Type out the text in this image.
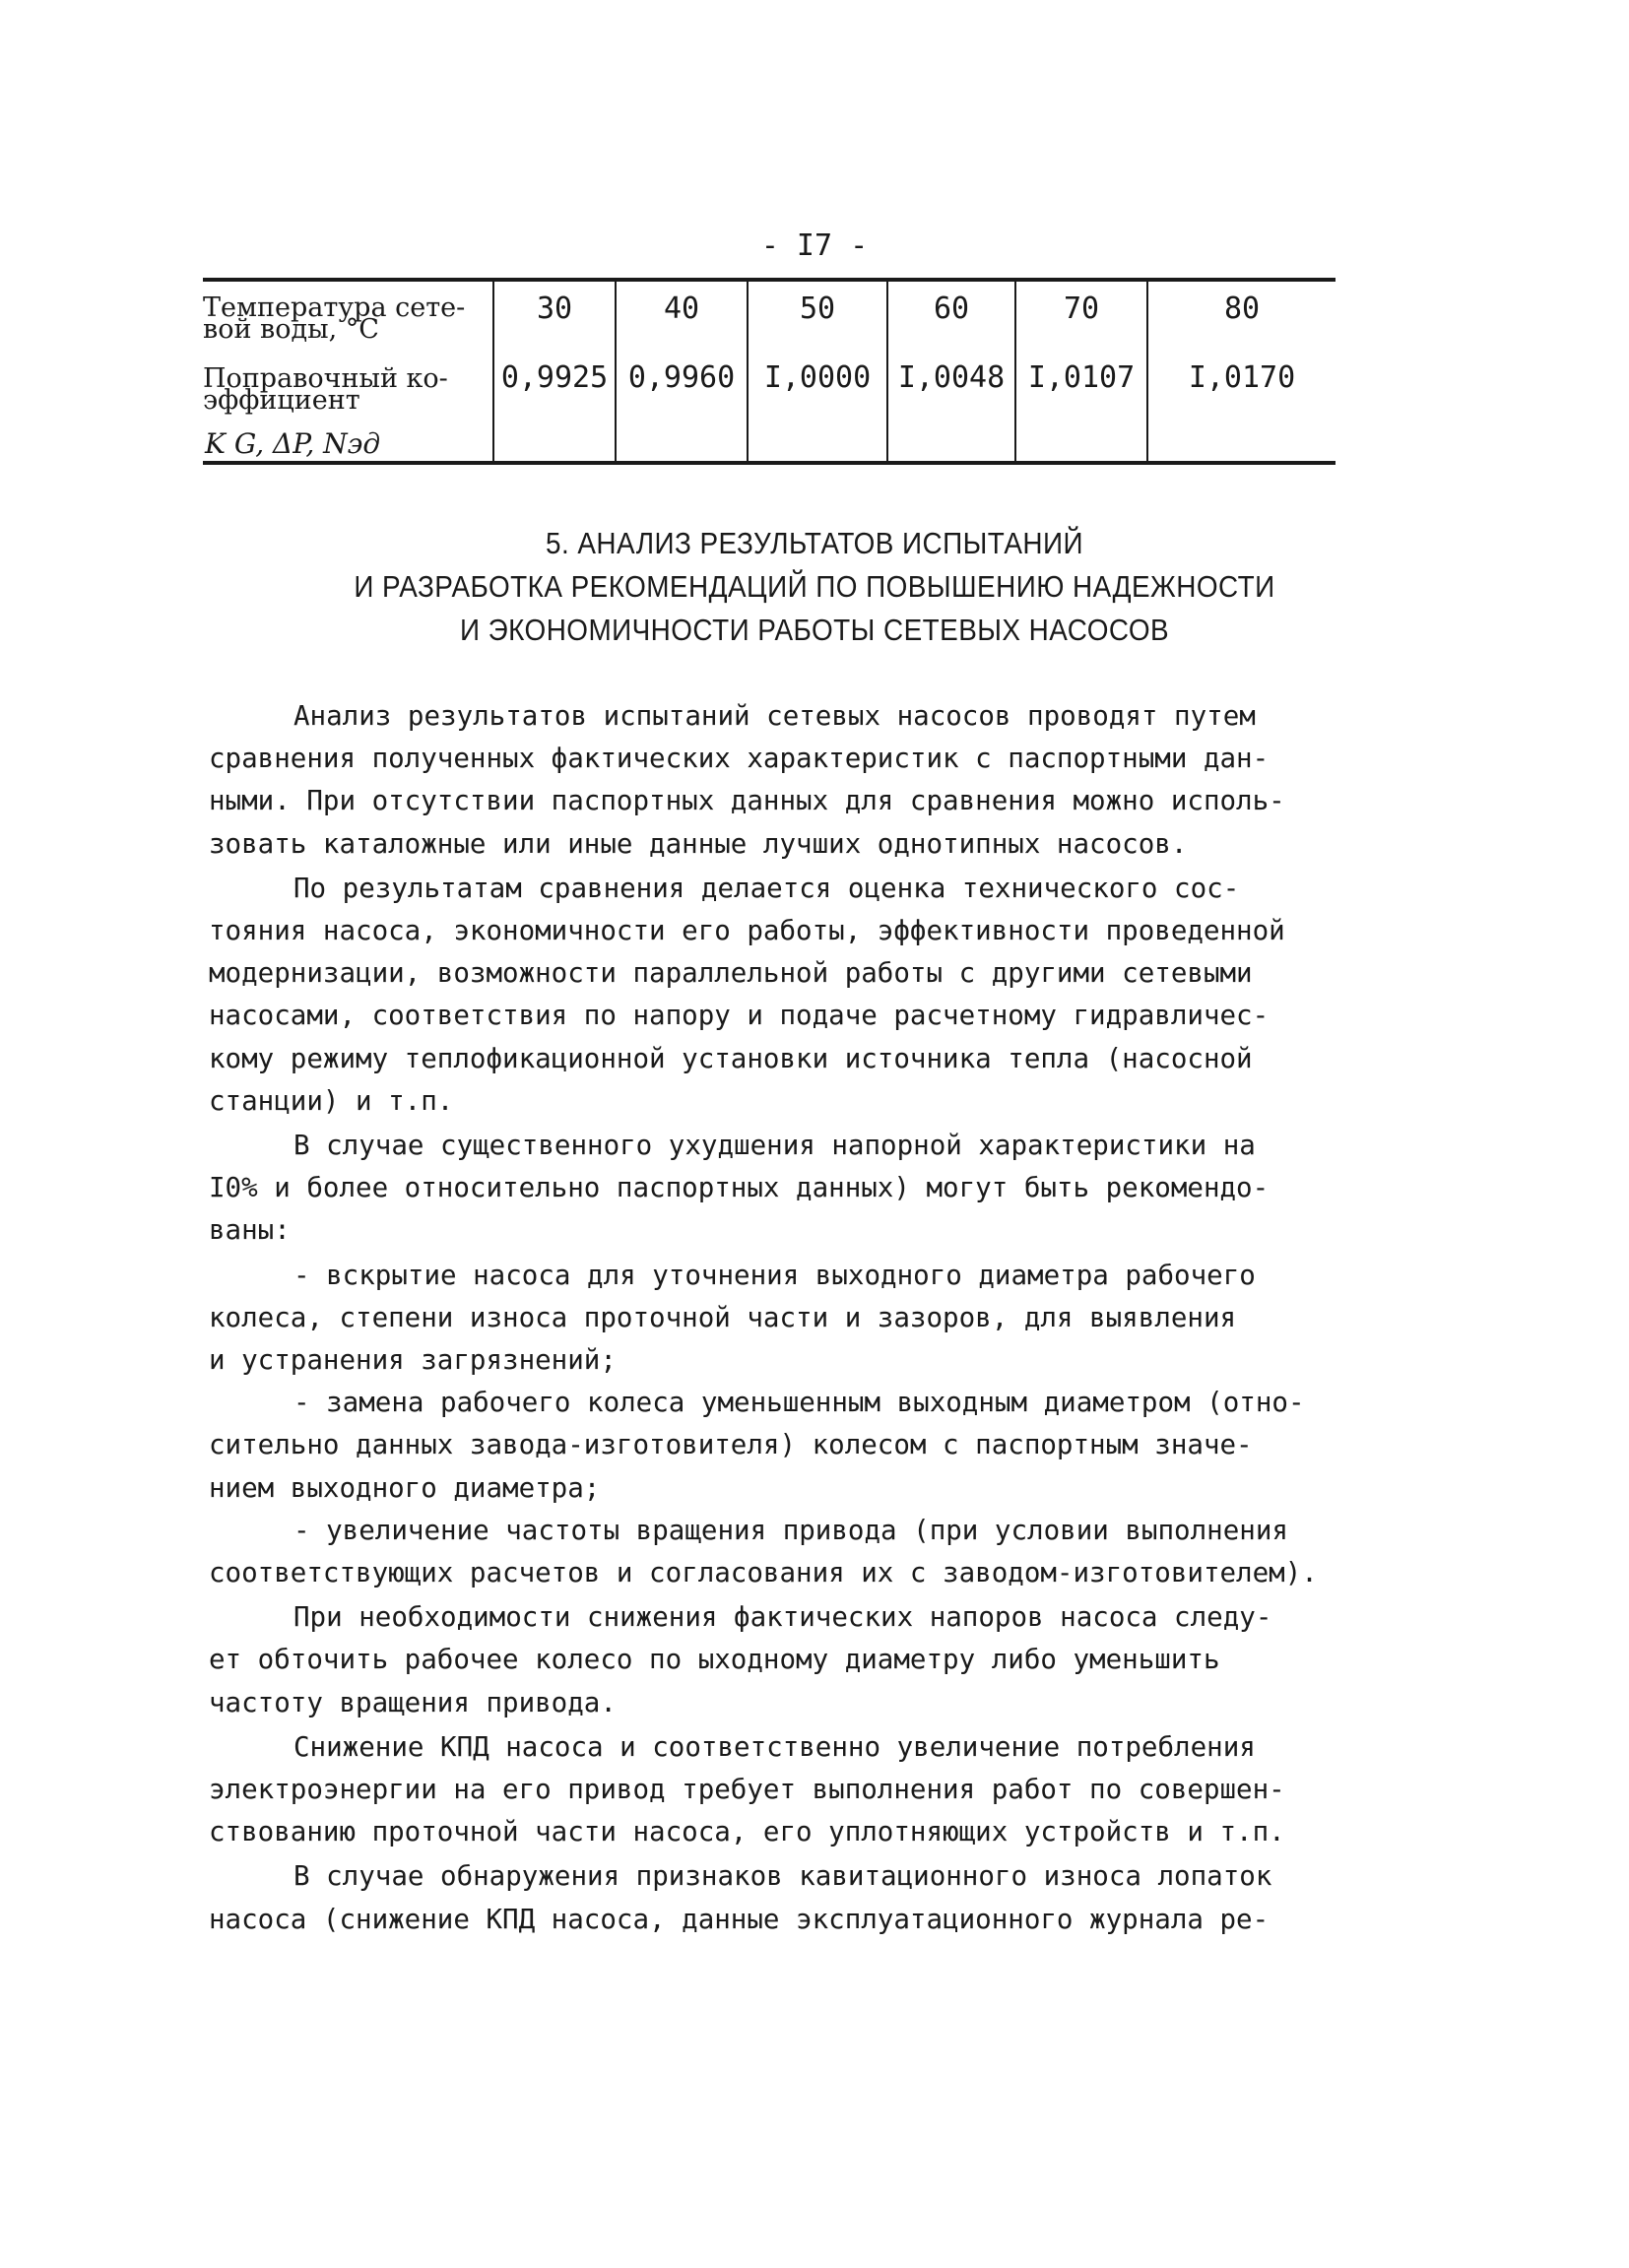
- I7 -
Температура сете-
вой воды, °С
Поправочный ко-
эффициент
K G, ΔP, Nэд
30
0,9925
40
0,9960
50
I,0000
60
I,0048
70
I,0107
80
I,0170
5. АНАЛИЗ РЕЗУЛЬТАТОВ ИСПЫТАНИЙ
И РАЗРАБОТКА РЕКОМЕНДАЦИЙ ПО ПОВЫШЕНИЮ НАДЕЖНОСТИ
И ЭКОНОМИЧНОСТИ РАБОТЫ СЕТЕВЫХ НАСОСОВ

Анализ результатов испытаний сетевых насосов проводят путем
сравнения полученных фактических характеристик с паспортными дан-
ными. При отсутствии паспортных данных для сравнения можно исполь-
зовать каталожные или иные данные лучших однотипных насосов.

По результатам сравнения делается оценка технического сос-
тояния насоса, экономичности его работы, эффективности проведенной
модернизации, возможности параллельной работы с другими сетевыми
насосами, соответствия по напору и подаче расчетному гидравличес-
кому режиму теплофикационной установки источника тепла (насосной
станции) и т.п.

В случае существенного ухудшения напорной характеристики на
I0% и более относительно паспортных данных) могут быть рекомендо-
ваны:

- вскрытие насоса для уточнения выходного диаметра рабочего
колеса, степени износа проточной части и зазоров, для выявления
и устранения загрязнений;

- замена рабочего колеса уменьшенным выходным диаметром (отно-
сительно данных завода-изготовителя) колесом с паспортным значе-
нием выходного диаметра;

- увеличение частоты вращения привода (при условии выполнения
соответствующих расчетов и согласования их с заводом-изготовителем).

При необходимости снижения фактических напоров насоса следу-
ет обточить рабочее колесо по ыходному диаметру либо уменьшить
частоту вращения привода.

Снижение КПД насоса и соответственно увеличение потребления
электроэнергии на его привод требует выполнения работ по совершен-
ствованию проточной части насоса, его уплотняющих устройств и т.п.

В случае обнаружения признаков кавитационного износа лопаток
насоса (снижение КПД насоса, данные эксплуатационного журнала ре-
